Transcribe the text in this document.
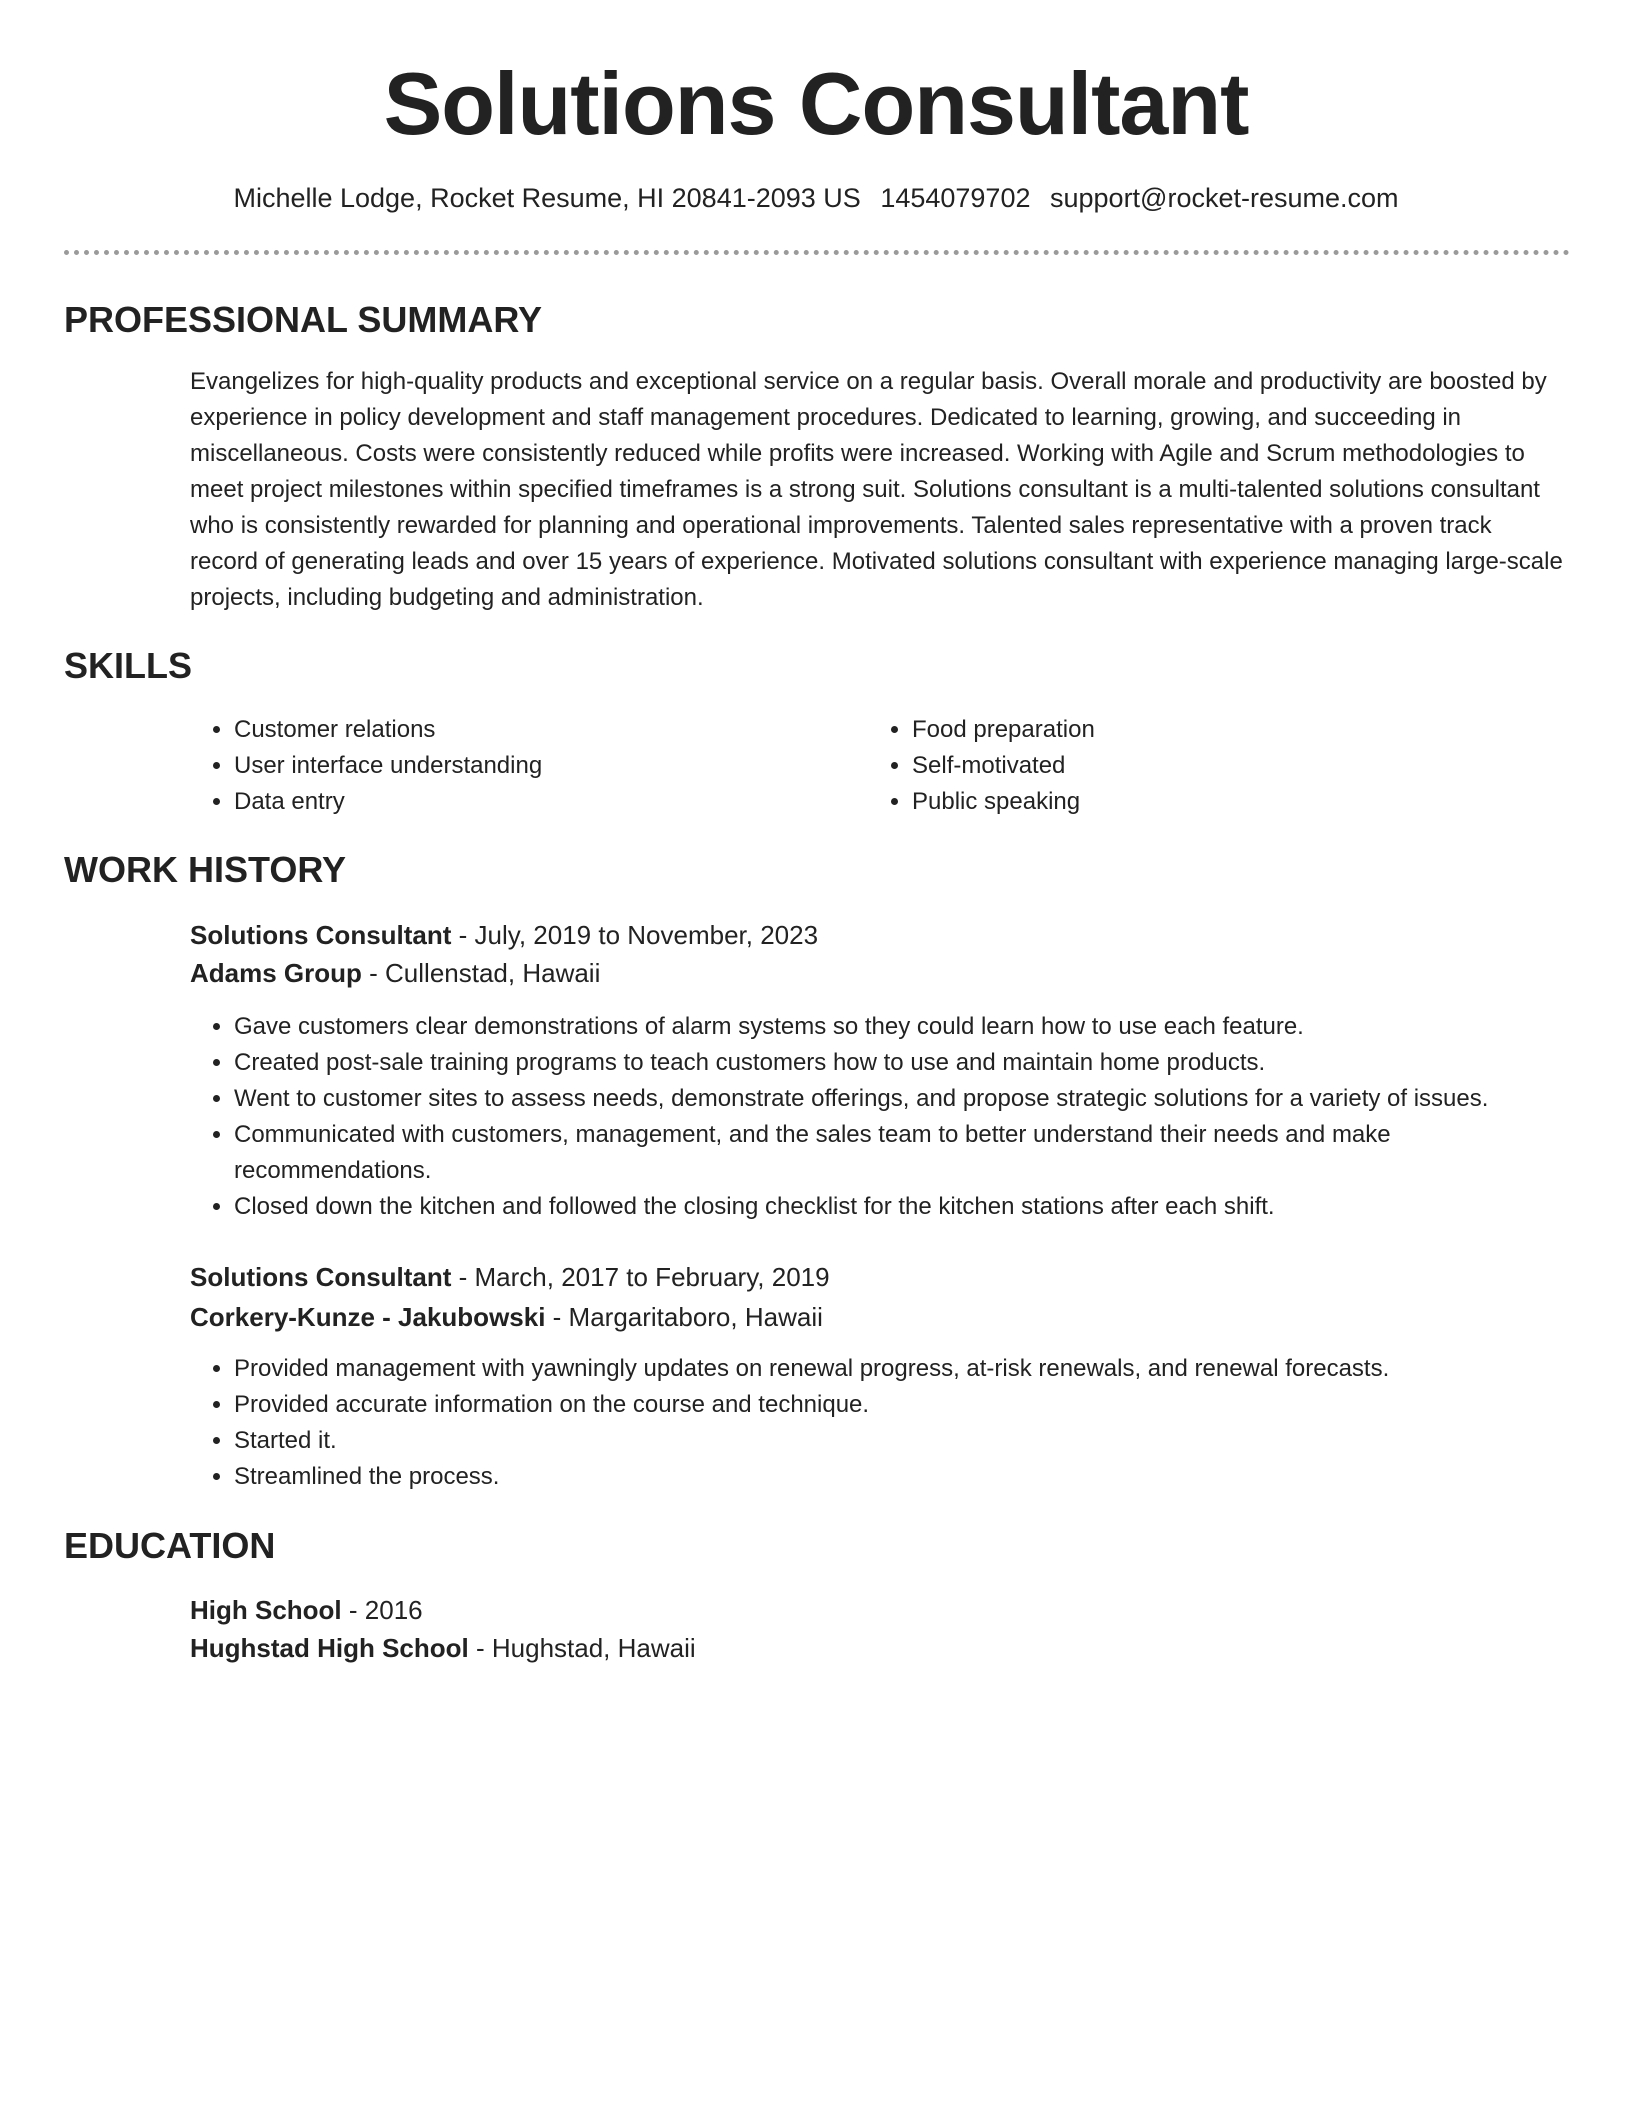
Solutions Consultant
Michelle Lodge, Rocket Resume, HI 20841-2093 US 1454079702 support@rocket-resume.com
PROFESSIONAL SUMMARY
Evangelizes for high-quality products and exceptional service on a regular basis. Overall morale and productivity are boosted by experience in policy development and staff management procedures. Dedicated to learning, growing, and succeeding in miscellaneous. Costs were consistently reduced while profits were increased. Working with Agile and Scrum methodologies to meet project milestones within specified timeframes is a strong suit. Solutions consultant is a multi-talented solutions consultant who is consistently rewarded for planning and operational improvements. Talented sales representative with a proven track record of generating leads and over 15 years of experience. Motivated solutions consultant with experience managing large-scale projects, including budgeting and administration.
SKILLS
• Customer relations
• User interface understanding
• Data entry
• Food preparation
• Self-motivated
• Public speaking
WORK HISTORY
Solutions Consultant - July, 2019 to November, 2023
Adams Group - Cullenstad, Hawaii
• Gave customers clear demonstrations of alarm systems so they could learn how to use each feature.
• Created post-sale training programs to teach customers how to use and maintain home products.
• Went to customer sites to assess needs, demonstrate offerings, and propose strategic solutions for a variety of issues.
• Communicated with customers, management, and the sales team to better understand their needs and make recommendations.
• Closed down the kitchen and followed the closing checklist for the kitchen stations after each shift.
Solutions Consultant - March, 2017 to February, 2019
Corkery-Kunze - Jakubowski - Margaritaboro, Hawaii
• Provided management with yawningly updates on renewal progress, at-risk renewals, and renewal forecasts.
• Provided accurate information on the course and technique.
• Started it.
• Streamlined the process.
EDUCATION
High School - 2016
Hughstad High School - Hughstad, Hawaii
